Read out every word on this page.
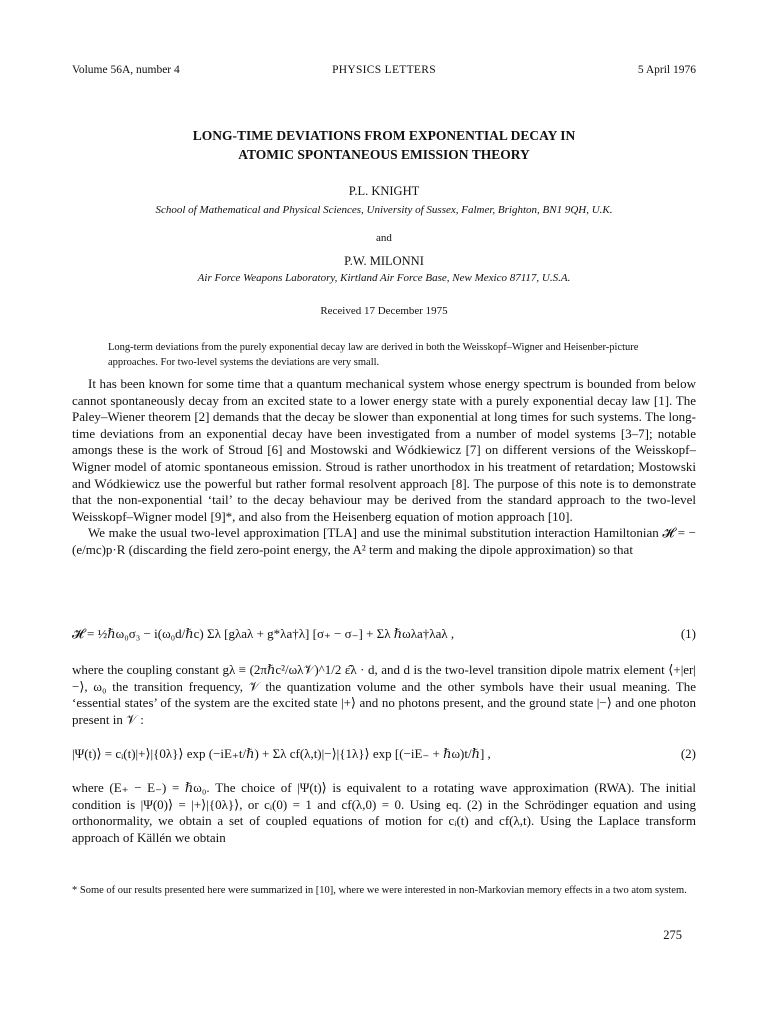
Volume 56A, number 4	PHYSICS LETTERS	5 April 1976
LONG-TIME DEVIATIONS FROM EXPONENTIAL DECAY IN
ATOMIC SPONTANEOUS EMISSION THEORY
P.L. KNIGHT
School of Mathematical and Physical Sciences, University of Sussex, Falmer, Brighton, BN1 9QH, U.K.
and
P.W. MILONNI
Air Force Weapons Laboratory, Kirtland Air Force Base, New Mexico 87117, U.S.A.
Received 17 December 1975
Long-term deviations from the purely exponential decay law are derived in both the Weisskopf–Wigner and Heisenber-picture approaches. For two-level systems the deviations are very small.

It has been known for some time that a quantum mechanical system whose energy spectrum is bounded from below cannot spontaneously decay from an excited state to a lower energy state with a purely exponential decay law [1]. The Paley–Wiener theorem [2] demands that the decay be slower than exponential at long times for such systems. The long-time deviations from an exponential decay have been investigated from a number of model systems [3–7]; notable amongs these is the work of Stroud [6] and Mostowski and Wódkiewicz [7] on different versions of the Weisskopf–Wigner model of atomic spontaneous emission. Stroud is rather unorthodox in his treatment of retardation; Mostowski and Wódkiewicz use the powerful but rather formal resolvent approach [8]. The purpose of this note is to demonstrate that the non-exponential ‘tail’ to the decay behaviour may be derived from the standard approach to the two-level Weisskopf–Wigner model [9]*, and also from the Heisenberg equation of motion approach [10].

We make the usual two-level approximation [TLA] and use the minimal substitution interaction Hamiltonian 𝓗 = −(e/mc)p·R (discarding the field zero-point energy, the A² term and making the dipole approximation) so that

𝓗 = ½ℏω₀σ₃ − i(ω₀d/ℏc) Σλ [gλaλ + g*λa†λ] [σ₊ − σ₋] + Σλ ℏωλa†λaλ ,	(1)

where the coupling constant gλ ≡ (2πℏc²/ωλ𝒱)^1/2 ε̂λ · d, and d is the two-level transition dipole matrix element ⟨+|er|−⟩, ω₀ the transition frequency, 𝒱 the quantization volume and the other symbols have their usual meaning. The ‘essential states’ of the system are the excited state |+⟩ and no photons present, and the ground state |−⟩ and one photon present in 𝒱 :

|Ψ(t)⟩ = cᵢ(t)|+⟩|{0λ}⟩ exp (−iE₊t/ℏ) + Σλ cf(λ,t)|−⟩|{1λ}⟩ exp [(−iE₋ + ℏω)t/ℏ] ,	(2)

where (E₊ − E₋) = ℏω₀. The choice of |Ψ(t)⟩ is equivalent to a rotating wave approximation (RWA). The initial condition is |Ψ(0)⟩ = |+⟩|{0λ}⟩, or cᵢ(0) = 1 and cf(λ,0) = 0. Using eq. (2) in the Schrödinger equation and using orthonormality, we obtain a set of coupled equations of motion for cᵢ(t) and cf(λ,t). Using the Laplace transform approach of Källén we obtain

* Some of our results presented here were summarized in [10], where we were interested in non-Markovian memory effects in a two atom system.
275
